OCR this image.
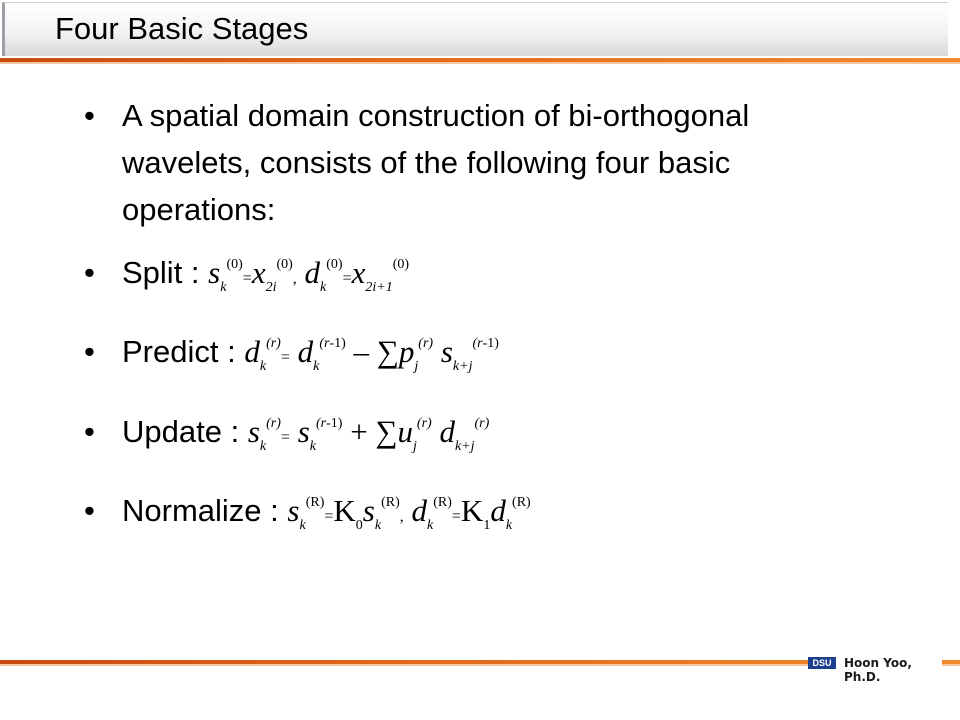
Four Basic Stages
• A spatial domain construction of bi-orthogonal wavelets, consists of the following four basic operations:
• Split : $s_k^{(0)}=x_{2i}^{(0)}$, $d_k^{(0)}=x_{2i+1}^{(0)}$
• Predict : $d_k^{(r)}= d_k^{(r-1)} - \sum p_j^{(r)}$ $s_{k+j}^{(r-1)}$
• Update : $s_k^{(r)}= s_k^{(r-1)} + \sum u_j^{(r)}$ $d_{k+j}^{(r)}$
• Normalize : $s_k^{(R)}=K_0s_k^{(R)}$, $d_k^{(R)}=K_1d_k^{(R)}$
DSU	Hoon Yoo, Ph.D.
